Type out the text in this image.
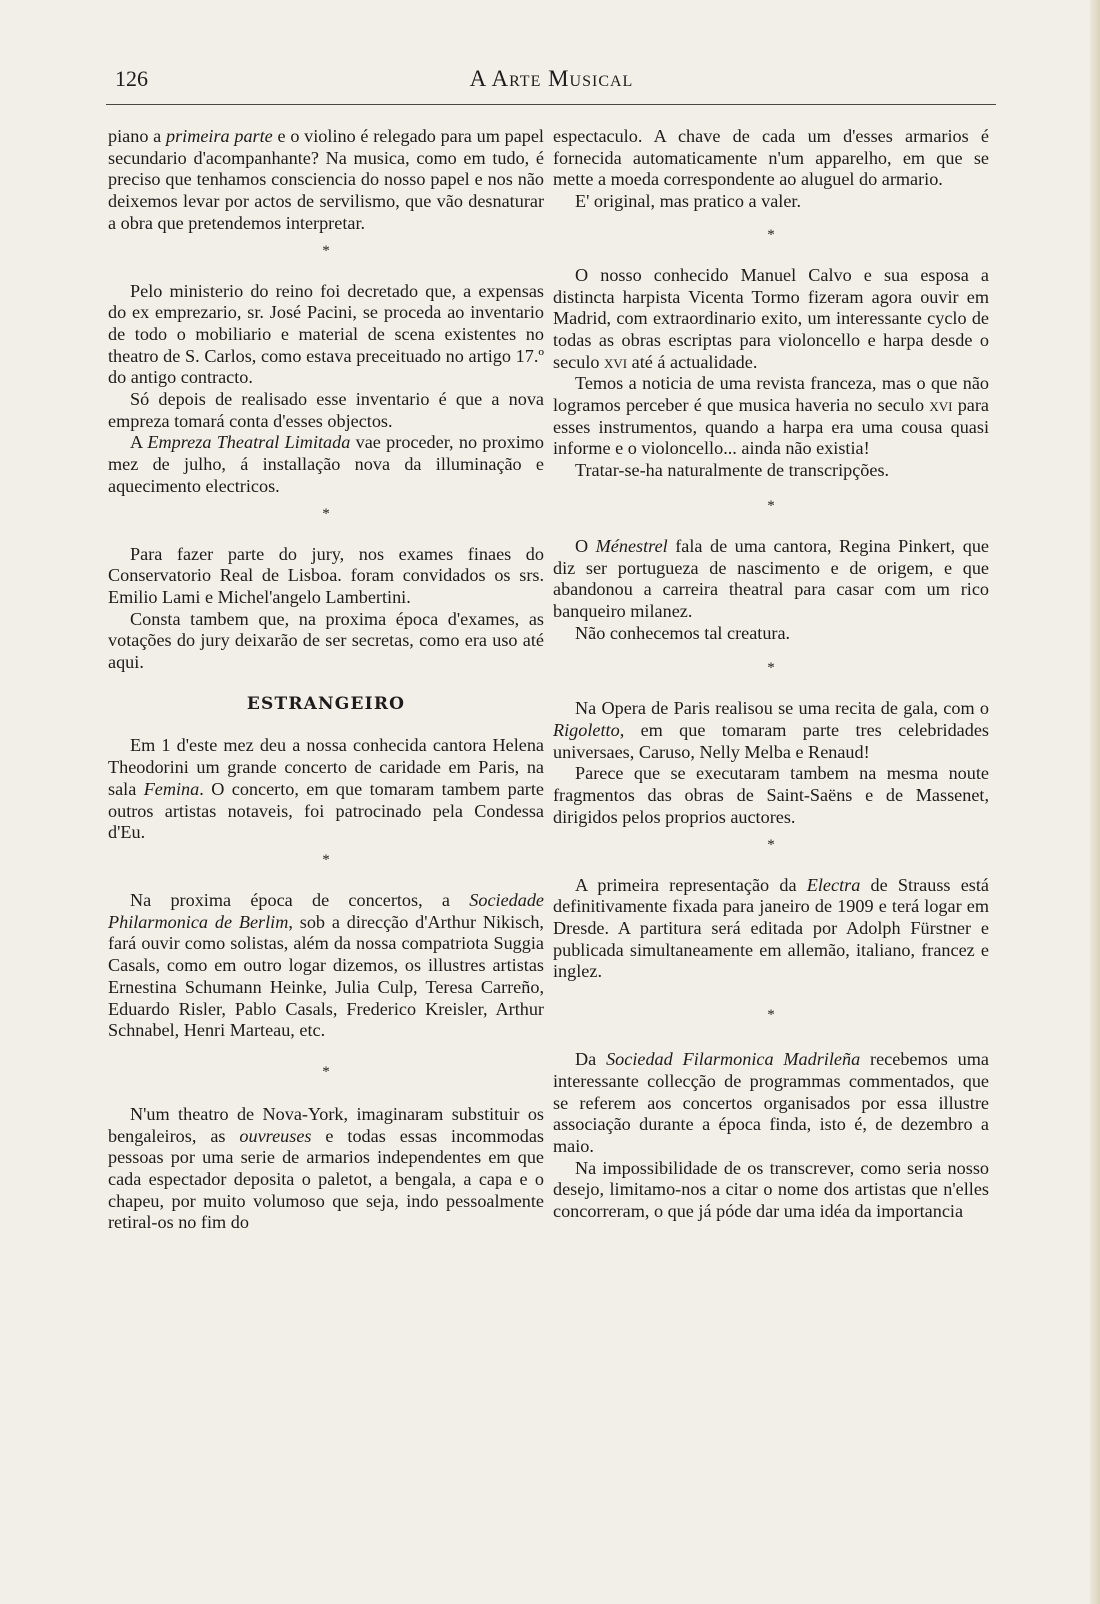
126	A Arte Musical

piano a primeira parte e o violino é relegado para um papel secundario d'acompanhante? Na musica, como em tudo, é preciso que tenhamos consciencia do nosso papel e nos não deixemos levar por actos de servilismo, que vão desnaturar a obra que pretendemos interpretar.

*

Pelo ministerio do reino foi decretado que, a expensas do ex emprezario, sr. José Pacini, se proceda ao inventario de todo o mobiliario e material de scena existentes no theatro de S. Carlos, como estava preceituado no artigo 17.º do antigo contracto.

Só depois de realisado esse inventario é que a nova empreza tomará conta d'esses objectos.

A Empreza Theatral Limitada vae proceder, no proximo mez de julho, á installação nova da illuminação e aquecimento electricos.

*

Para fazer parte do jury, nos exames finaes do Conservatorio Real de Lisboa. foram convidados os srs. Emilio Lami e Michel'angelo Lambertini.

Consta tambem que, na proxima época d'exames, as votações do jury deixarão de ser secretas, como era uso até aqui.

ESTRANGEIRO

Em 1 d'este mez deu a nossa conhecida cantora Helena Theodorini um grande concerto de caridade em Paris, na sala Femina. O concerto, em que tomaram tambem parte outros artistas notaveis, foi patrocinado pela Condessa d'Eu.

*

Na proxima época de concertos, a Sociedade Philarmonica de Berlim, sob a direcção d'Arthur Nikisch, fará ouvir como solistas, além da nossa compatriota Suggia Casals, como em outro logar dizemos, os illustres artistas Ernestina Schumann Heinke, Julia Culp, Teresa Carreño, Eduardo Risler, Pablo Casals, Frederico Kreisler, Arthur Schnabel, Henri Marteau, etc.

*

N'um theatro de Nova-York, imaginaram substituir os bengaleiros, as ouvreuses e todas essas incommodas pessoas por uma serie de armarios independentes em que cada espectador deposita o paletot, a bengala, a capa e o chapeu, por muito volumoso que seja, indo pessoalmente retiral-os no fim do

espectaculo. A chave de cada um d'esses armarios é fornecida automaticamente n'um apparelho, em que se mette a moeda correspondente ao aluguel do armario.

E' original, mas pratico a valer.

*

O nosso conhecido Manuel Calvo e sua esposa a distincta harpista Vicenta Tormo fizeram agora ouvir em Madrid, com extraordinario exito, um interessante cyclo de todas as obras escriptas para violoncello e harpa desde o seculo xvi até á actualidade.

Temos a noticia de uma revista franceza, mas o que não logramos perceber é que musica haveria no seculo xvi para esses instrumentos, quando a harpa era uma cousa quasi informe e o violoncello... ainda não existia!

Tratar-se-ha naturalmente de transcripções.

*

O Ménestrel fala de uma cantora, Regina Pinkert, que diz ser portugueza de nascimento e de origem, e que abandonou a carreira theatral para casar com um rico banqueiro milanez.

Não conhecemos tal creatura.

*

Na Opera de Paris realisou se uma recita de gala, com o Rigoletto, em que tomaram parte tres celebridades universaes, Caruso, Nelly Melba e Renaud!

Parece que se executaram tambem na mesma noute fragmentos das obras de Saint-Saëns e de Massenet, dirigidos pelos proprios auctores.

*

A primeira representação da Electra de Strauss está definitivamente fixada para janeiro de 1909 e terá logar em Dresde. A partitura será editada por Adolph Fürstner e publicada simultaneamente em allemão, italiano, francez e inglez.

*

Da Sociedad Filarmonica Madrileña recebemos uma interessante collecção de programmas commentados, que se referem aos concertos organisados por essa illustre associação durante a época finda, isto é, de dezembro a maio.

Na impossibilidade de os transcrever, como seria nosso desejo, limitamo-nos a citar o nome dos artistas que n'elles concorreram, o que já póde dar uma idéa da importancia
